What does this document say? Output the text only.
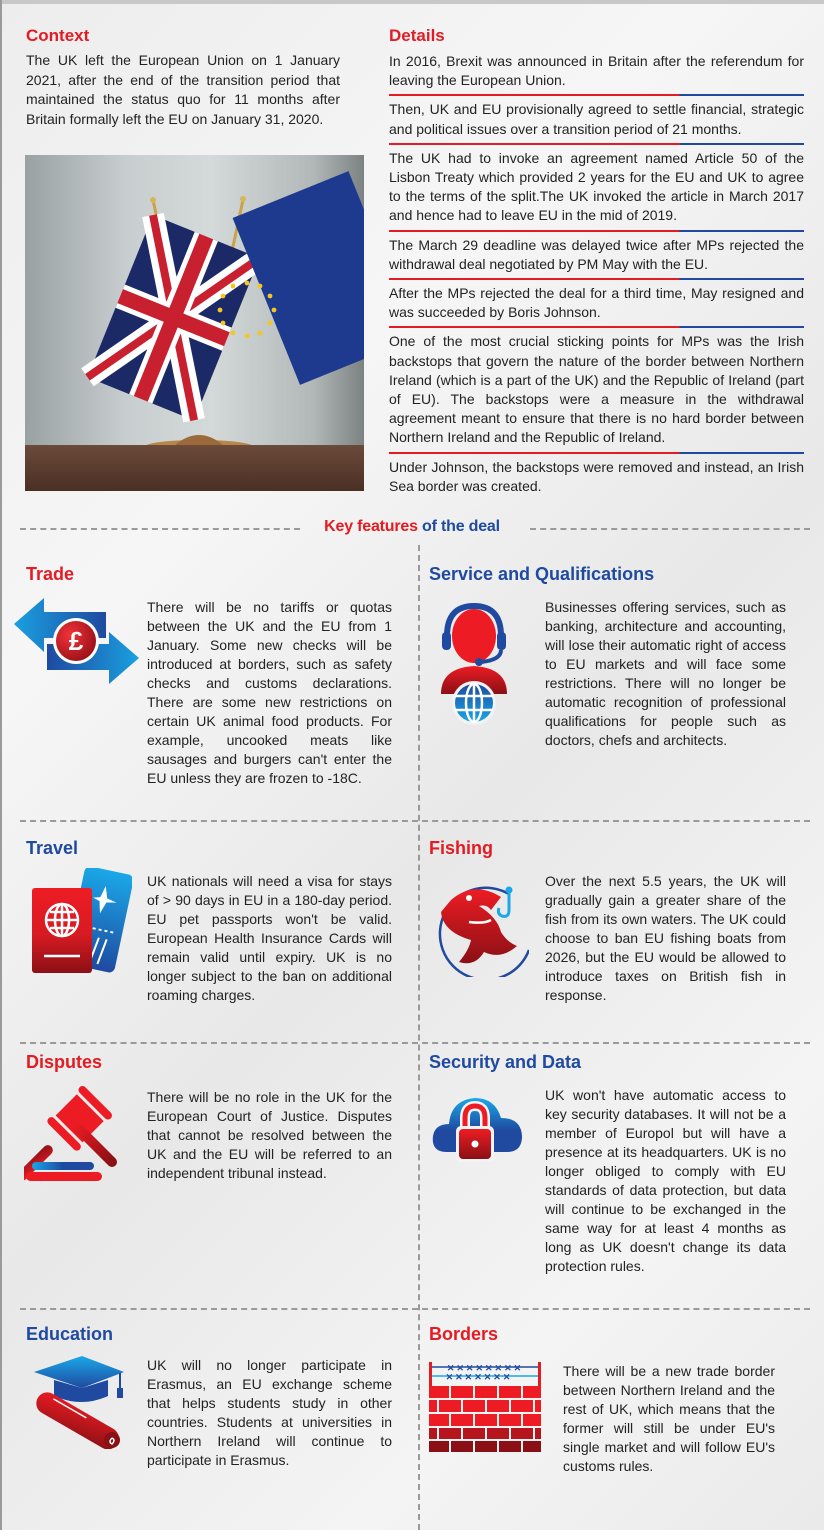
Context

The UK left the European Union on 1 January 2021, after the end of the transition period that maintained the status quo for 11 months after Britain formally left the EU on January 31, 2020.

Details
In 2016, Brexit was announced in Britain after the referendum for leaving the European Union.
Then, UK and EU provisionally agreed to settle financial, strategic and political issues over a transition period of 21 months.
The UK had to invoke an agreement named Article 50 of the Lisbon Treaty which provided 2 years for the EU and UK to agree to the terms of the split.The UK invoked the article in March 2017 and hence had to leave EU in the mid of 2019.
The March 29 deadline was delayed twice after MPs rejected the withdrawal deal negotiated by PM May with the EU.
After the MPs rejected the deal for a third time, May resigned and was succeeded by Boris Johnson.
One of the most crucial sticking points for MPs was the Irish backstops that govern the nature of the border between Northern Ireland (which is a part of the UK) and the Republic of Ireland (part of EU). The backstops were a measure in the withdrawal agreement meant to ensure that there is no hard border between Northern Ireland and the Republic of Ireland.
Under Johnson, the backstops were removed and instead, an Irish Sea border was created.
Key features of the deal
Trade
£

There will be no tariffs or quotas between the UK and the EU from 1 January. Some new checks will be introduced at borders, such as safety checks and customs declarations. There are some new restrictions on certain UK animal food products. For example, uncooked meats like sausages and burgers can't enter the EU unless they are frozen to -18C.

Service and Qualifications

Businesses offering services, such as banking, architecture and accounting, will lose their automatic right of access to EU markets and will face some restrictions. There will no longer be automatic recognition of professional qualifications for people such as doctors, chefs and architects.

Travel

UK nationals will need a visa for stays of > 90 days in EU in a 180-day period. EU pet passports won't be valid. European Health Insurance Cards will remain valid until expiry. UK is no longer subject to the ban on additional roaming charges.

Fishing

Over the next 5.5 years, the UK will gradually gain a greater share of the fish from its own waters. The UK could choose to ban EU fishing boats from 2026, but the EU would be allowed to introduce taxes on British fish in response.

Disputes

There will be no role in the UK for the European Court of Justice. Disputes that cannot be resolved between the UK and the EU will be referred to an independent tribunal instead.

Security and Data

UK won't have automatic access to key security databases. It will not be a member of Europol but will have a presence at its headquarters. UK is no longer obliged to comply with EU standards of data protection, but data will continue to be exchanged in the same way for at least 4 months as long as UK doesn't change its data protection rules.

Education

UK will no longer participate in Erasmus, an EU exchange scheme that helps students study in other countries. Students at universities in Northern Ireland will continue to participate in Erasmus.

Borders
✕✕✕✕✕✕✕✕
✕✕✕✕✕✕✕	There will be a new trade border between Northern Ireland and the rest of UK, which means that the former will still be under EU's single market and will follow EU's customs rules.
